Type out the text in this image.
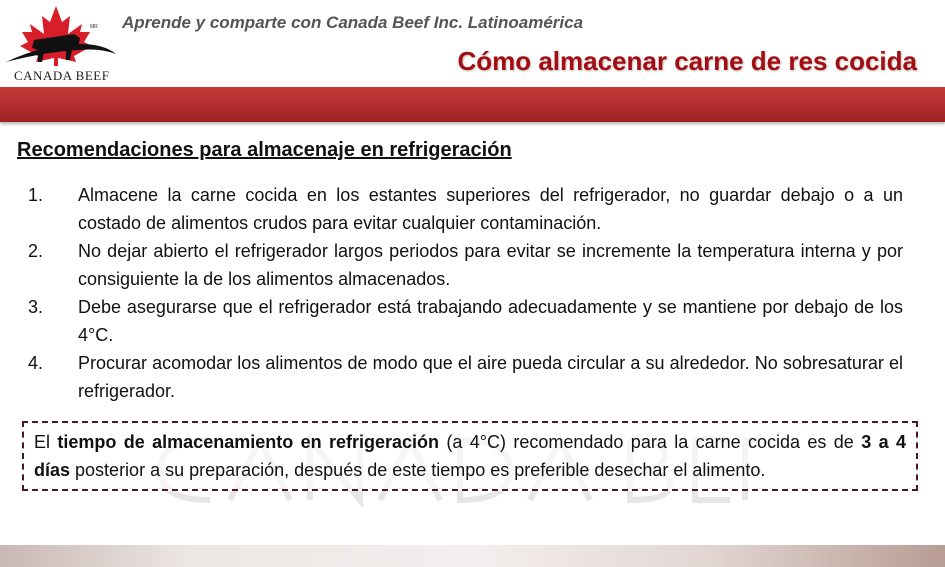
MR
CANADA BEEF
Aprende y comparte con Canada Beef Inc. Latinoamérica
Cómo almacenar carne de res cocida
Recomendaciones para almacenaje en refrigeración
1. Almacene la carne cocida en los estantes superiores del refrigerador, no guardar debajo o a un costado de alimentos crudos para evitar cualquier contaminación.
2. No dejar abierto el refrigerador largos periodos para evitar se incremente la temperatura interna y por consiguiente la de los alimentos almacenados.
3. Debe asegurarse que el refrigerador está trabajando adecuadamente y se mantiene por debajo de los 4°C.
4. Procurar acomodar los alimentos de modo que el aire pueda circular a su alrededor. No sobresaturar el refrigerador.
El tiempo de almacenamiento en refrigeración (a 4°C) recomendado para la carne cocida es de 3 a 4 días posterior a su preparación, después de este tiempo es preferible desechar el alimento.
